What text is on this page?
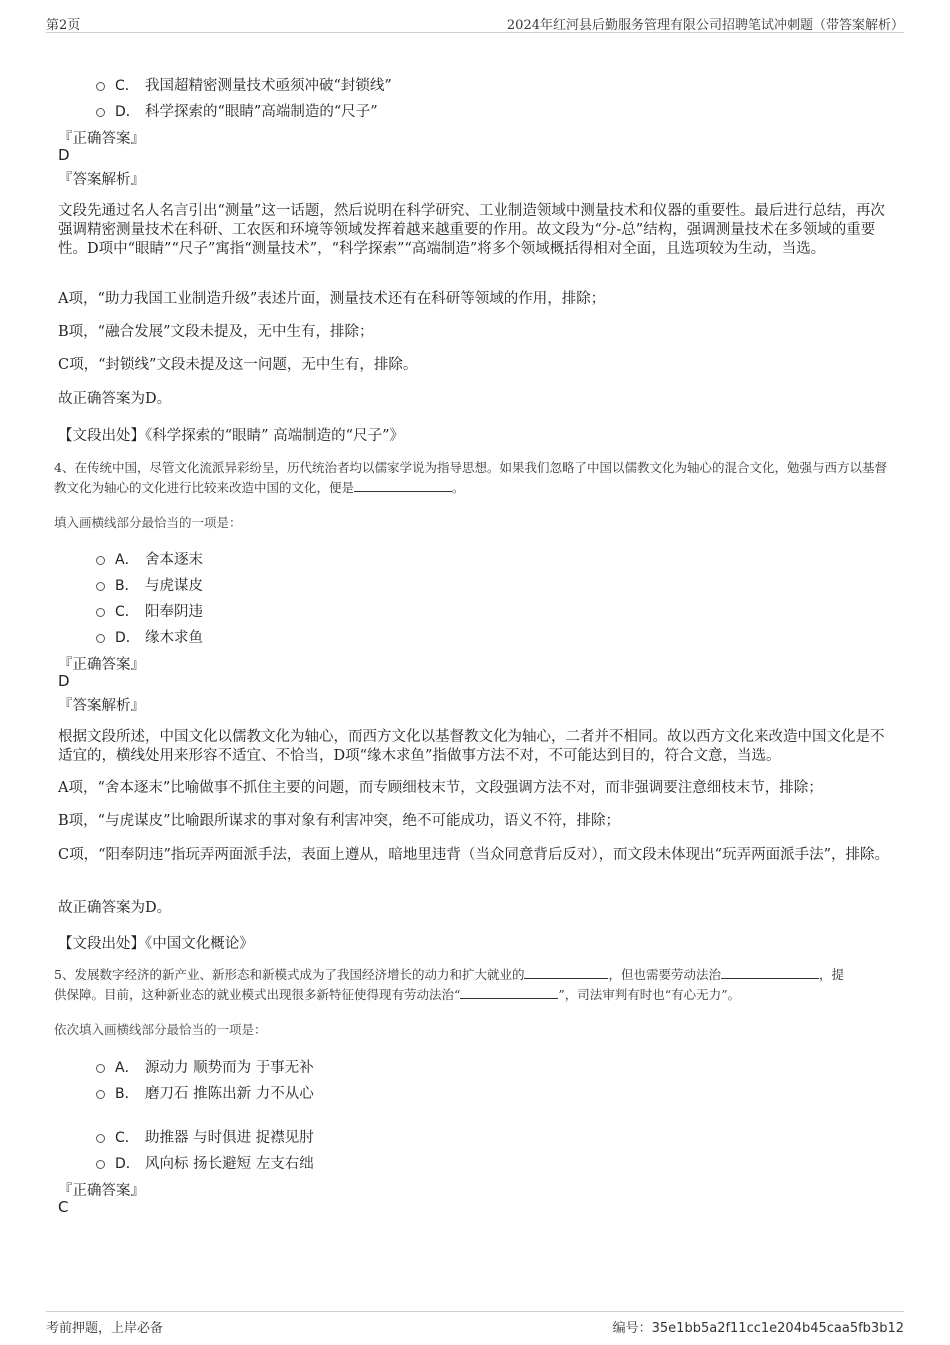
第2页	2024年红河县后勤服务管理有限公司招聘笔试冲刺题（带答案解析）
C． 我国超精密测量技术亟须冲破“封锁线”
D． 科学探索的“眼睛”高端制造的“尺子”
『正确答案』
D
『答案解析』
文段先通过名人名言引出“测量”这一话题，然后说明在科学研究、工业制造领域中测量技术和仪器的重要性。最后进行总结，再次强调精密测量技术在科研、工农医和环境等领域发挥着越来越重要的作用。故文段为“分-总”结构，强调测量技术在多领域的重要性。D项中“眼睛”“尺子”寓指“测量技术”，“科学探索”“高端制造”将多个领域概括得相对全面，且选项较为生动，当选。
A项，“助力我国工业制造升级”表述片面，测量技术还有在科研等领域的作用，排除；
B项，“融合发展”文段未提及，无中生有，排除；
C项，“封锁线”文段未提及这一问题，无中生有，排除。
故正确答案为D。
【文段出处】《科学探索的“眼睛” 高端制造的“尺子”》
4、在传统中国，尽管文化流派异彩纷呈，历代统治者均以儒家学说为指导思想。如果我们忽略了中国以儒教文化为轴心的混合文化，勉强与西方以基督教文化为轴心的文化进行比较来改造中国的文化，便是	。
填入画横线部分最恰当的一项是：
A． 舍本逐末
B． 与虎谋皮
C． 阳奉阴违
D． 缘木求鱼
『正确答案』
D
『答案解析』
根据文段所述，中国文化以儒教文化为轴心，而西方文化以基督教文化为轴心，二者并不相同。故以西方文化来改造中国文化是不适宜的，横线处用来形容不适宜、不恰当，D项“缘木求鱼”指做事方法不对，不可能达到目的，符合文意，当选。
A项，“舍本逐末”比喻做事不抓住主要的问题，而专顾细枝末节，文段强调方法不对，而非强调要注意细枝末节，排除；
B项，“与虎谋皮”比喻跟所谋求的事对象有利害冲突，绝不可能成功，语义不符，排除；
C项，“阳奉阴违”指玩弄两面派手法，表面上遵从，暗地里违背（当众同意背后反对），而文段未体现出“玩弄两面派手法”，排除。
故正确答案为D。
【文段出处】《中国文化概论》
5、发展数字经济的新产业、新形态和新模式成为了我国经济增长的动力和扩大就业的	，但也需要劳动法治	，提
供保障。目前，这种新业态的就业模式出现很多新特征使得现有劳动法治“	”，司法审判有时也“有心无力”。
依次填入画横线部分最恰当的一项是：
A． 源动力 顺势而为 于事无补
B． 磨刀石 推陈出新 力不从心
C． 助推器 与时俱进 捉襟见肘
D． 风向标 扬长避短 左支右绌
『正确答案』
C
考前押题，上岸必备	编号：35e1bb5a2f11cc1e204b45caa5fb3b12
